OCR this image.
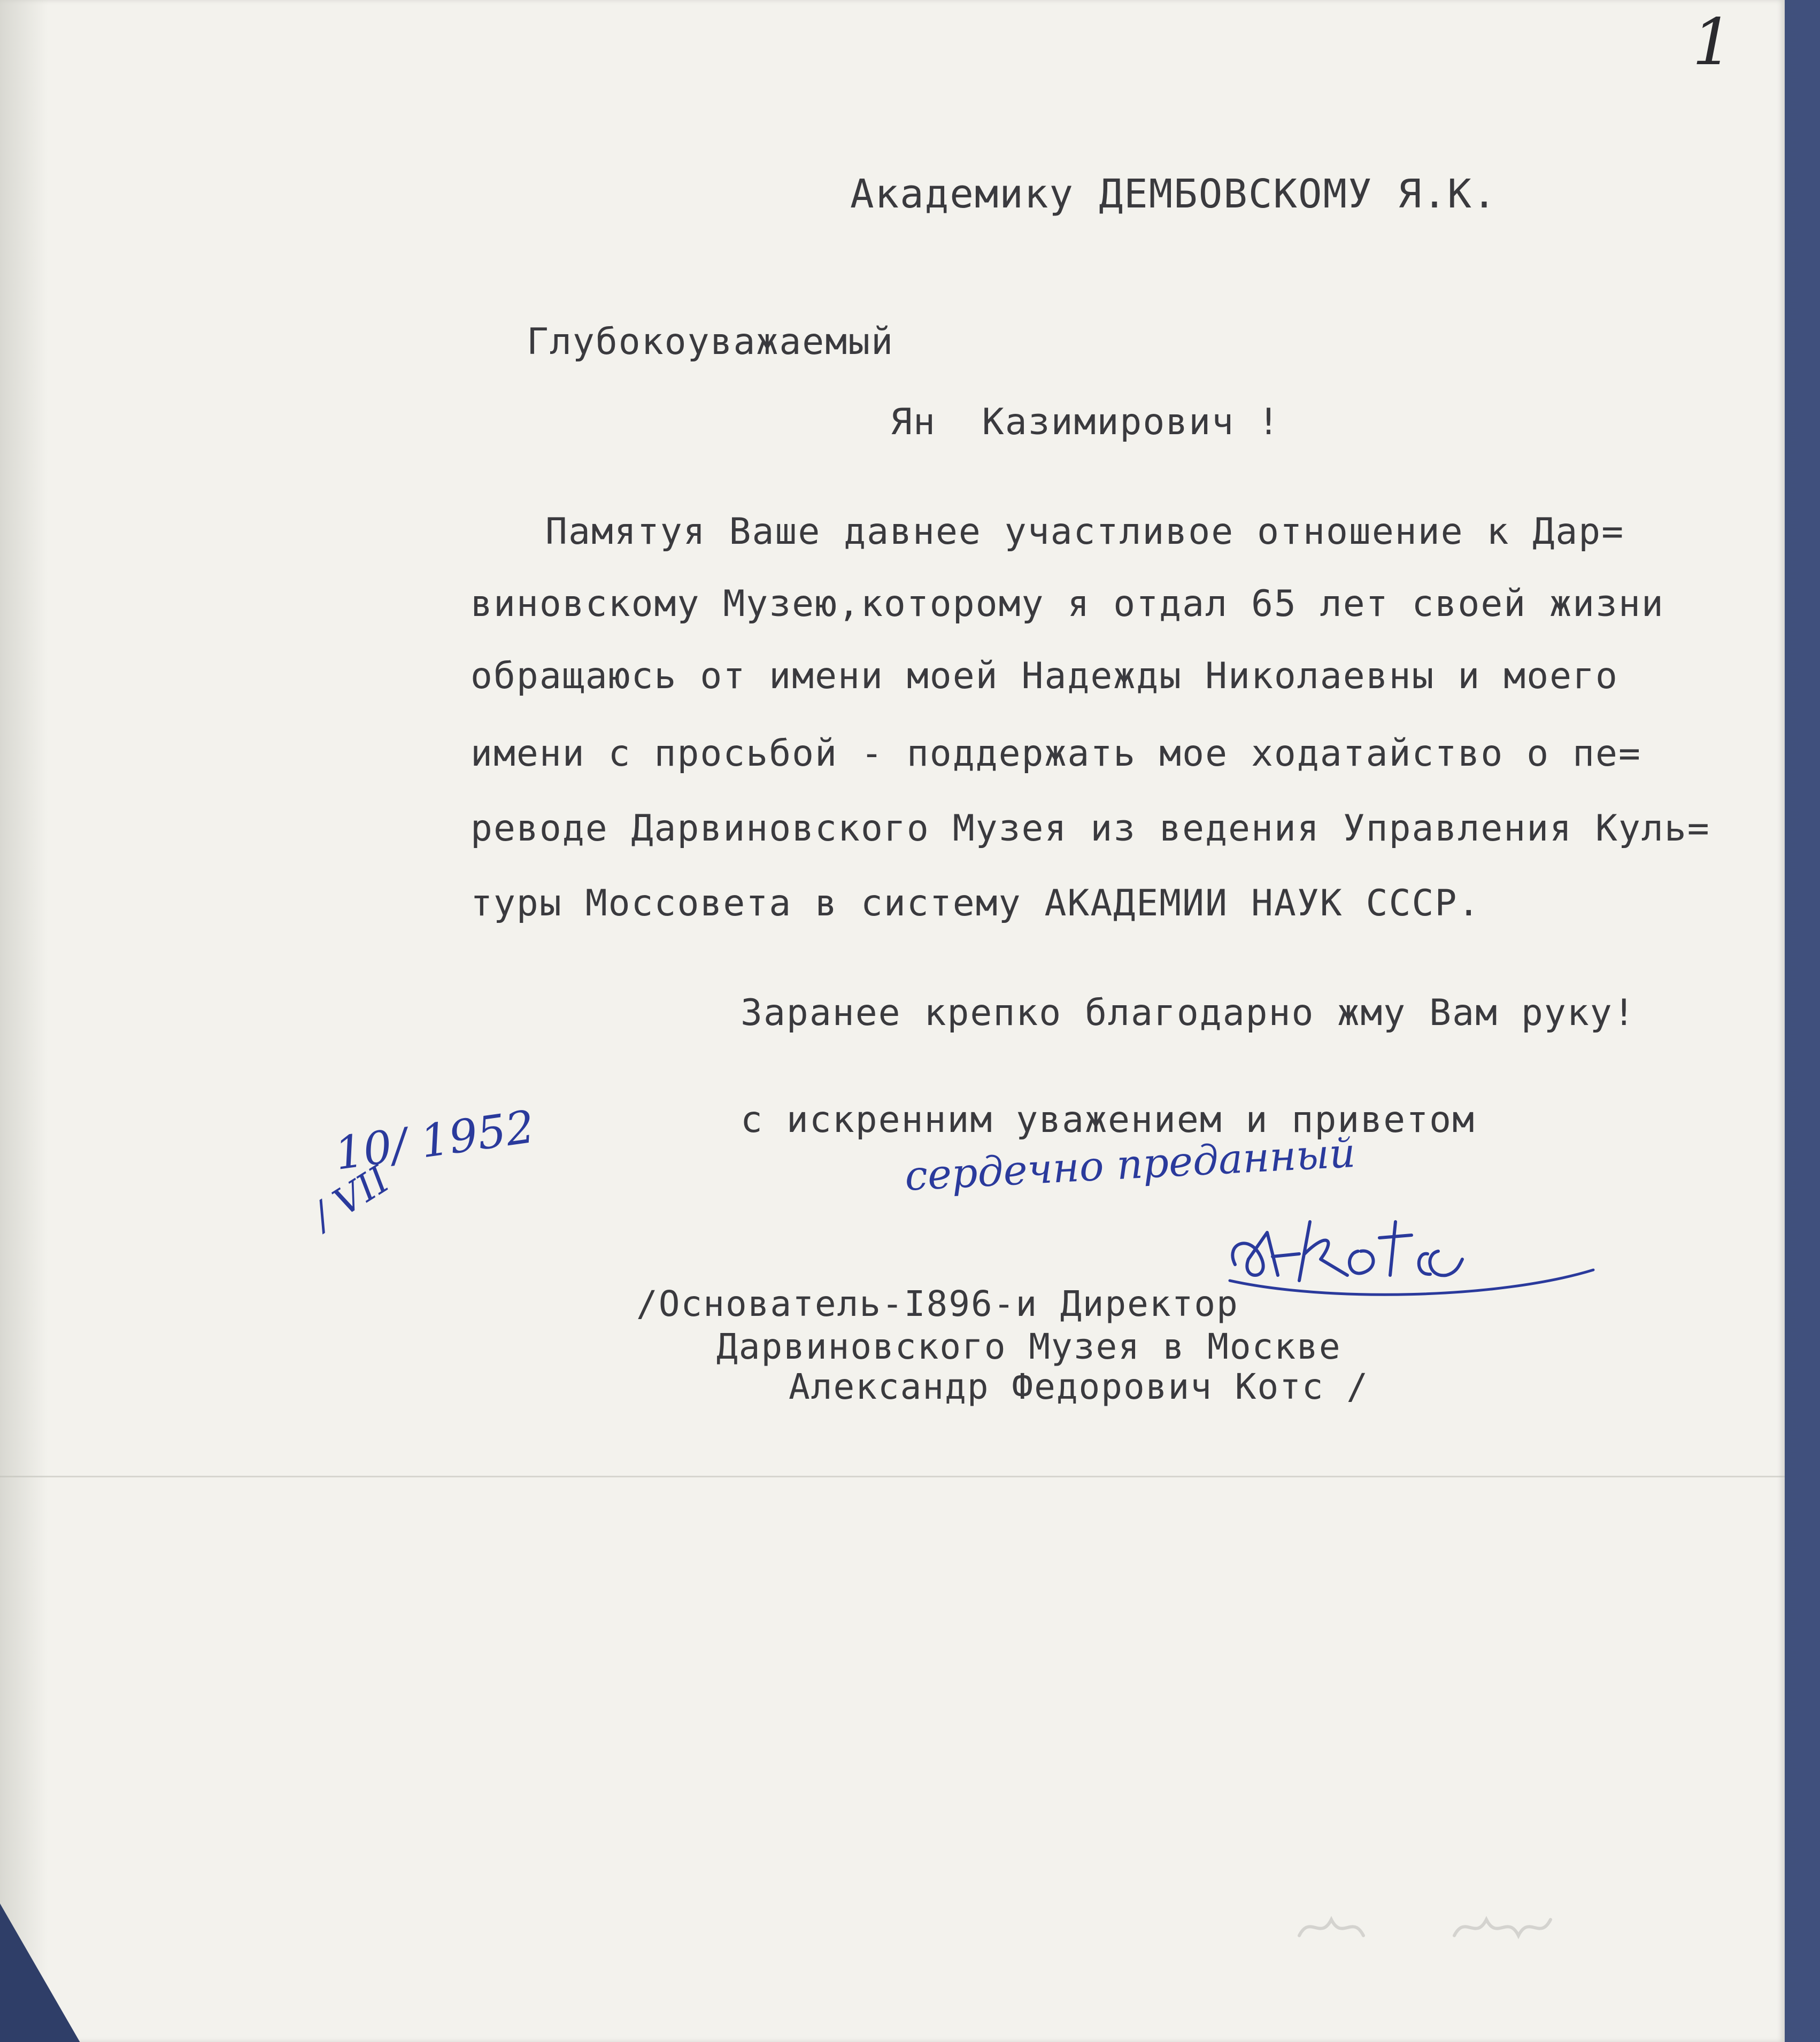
1

Академику ДЕМБОВСКОМУ Я.К.

Глубокоуважаемый

Ян  Казимирович !

Памятуя Ваше давнее участливое отношение к Дар=

виновскому Музею,которому я отдал 65 лет своей жизни

обращаюсь от имени моей Надежды Николаевны и моего

имени с просьбой - поддержать мое ходатайство о пе=

реводе Дарвиновского Музея из ведения Управления Куль=

туры Моссовета в систему АКАДЕМИИ НАУК СССР.

Заранее крепко благодарно жму Вам руку!

с искренним уважением и приветом

10/ 1952

/ VII	сердечно преданный

/Основатель-I896-и Директор

Дарвиновского Музея в Москве

Александр Федорович Котс /
